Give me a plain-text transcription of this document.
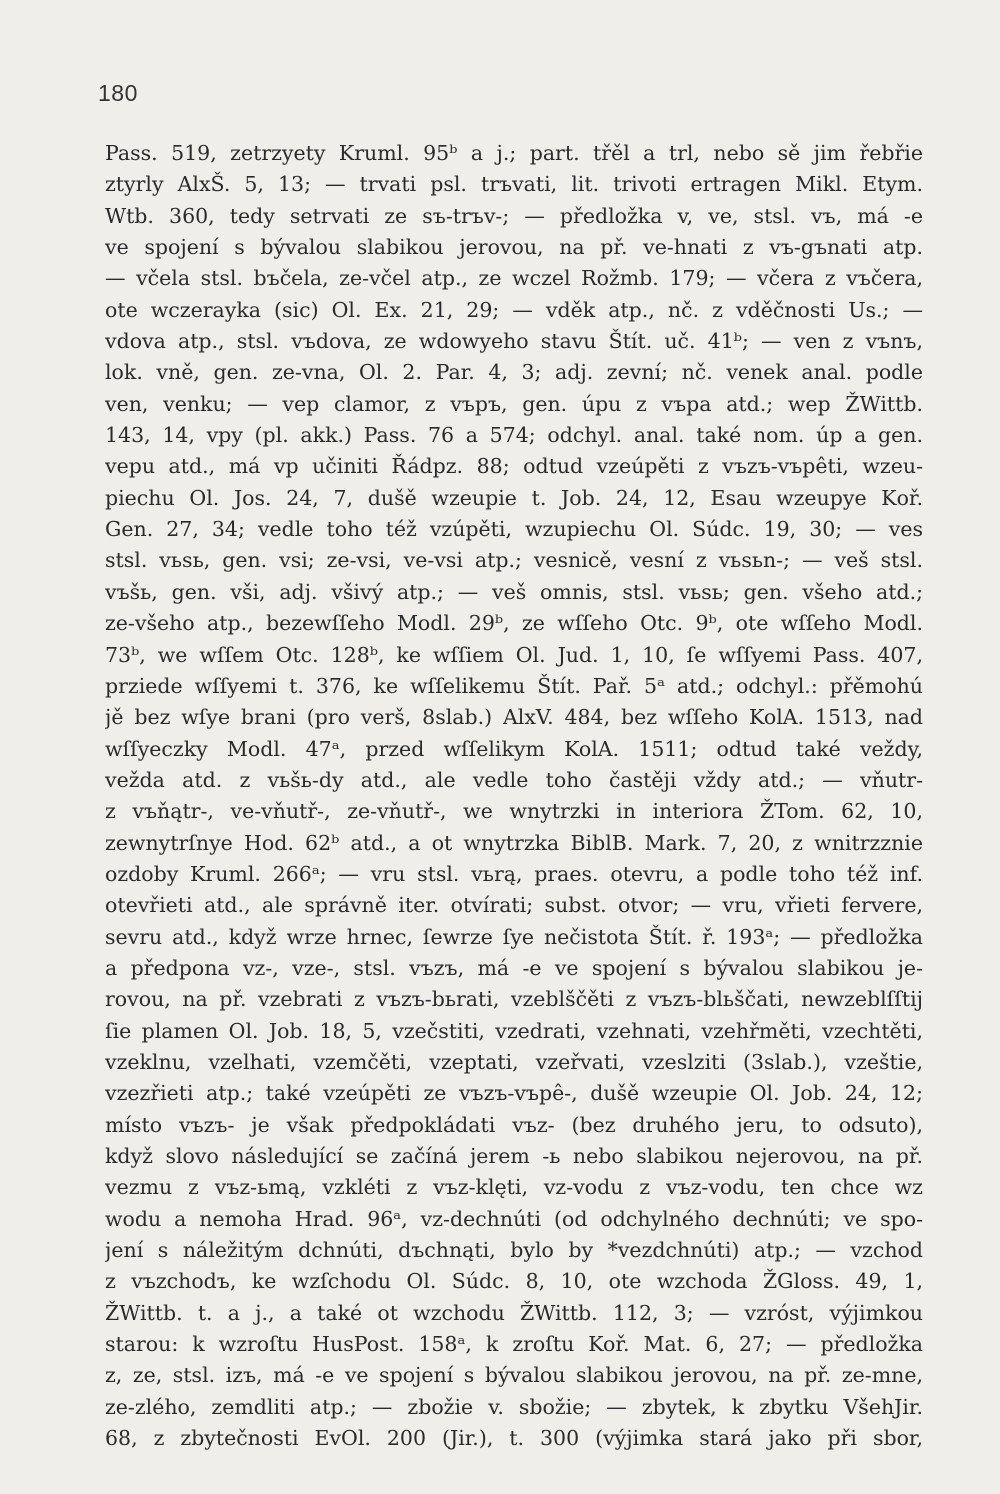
180
Pass. 519, zetrzyety Kruml. 95ᵇ a j.; part. třěl a trl, nebo sě jim řebřie
ztyrly AlxŠ. 5, 13; — trvati psl. trъvati, lit. trivoti ertragen Mikl. Etym.
Wtb. 360, tedy setrvati ze sъ-trъv-; — předložka v, ve, stsl. vъ, má -e
ve spojení s bývalou slabikou jerovou, na př. ve-hnati z vъ-gъnati atp.
— včela stsl. bъčela, ze-včel atp., ze wczel Rožmb. 179; — včera z vъčera,
ote wczerayka (sic) Ol. Ex. 21, 29; — vděk atp., nč. z vděčnosti Us.; —
vdova atp., stsl. vъdova, ze wdowyeho stavu Štít. uč. 41ᵇ; — ven z vъnъ,
lok. vně, gen. ze-vna, Ol. 2. Par. 4, 3; adj. zevní; nč. venek anal. podle
ven, venku; — vep clamor, z vъpъ, gen. úpu z vъpa atd.; wep ŽWittb.
143, 14, vpy (pl. akk.) Pass. 76 a 574; odchyl. anal. také nom. úp a gen.
vepu atd., má vp učiniti Řádpz. 88; odtud vzeúpěti z vъzъ-vъpêti, wzeu-
piechu Ol. Jos. 24, 7, dušě wzeupie t. Job. 24, 12, Esau wzeupye Kоř.
Gen. 27, 34; vedle toho též vzúpěti, wzupiechu Ol. Súdc. 19, 30; — ves
stsl. vьsь, gen. vsi; ze-vsi, ve-vsi atp.; vesnicě, vesní z vьsьn-; — veš stsl.
vъšь, gen. vši, adj. všivý atp.; — veš omnis, stsl. vьsь; gen. všeho atd.;
ze-všeho atp., bezewſſeho Modl. 29ᵇ, ze wſſeho Otc. 9ᵇ, ote wſſeho Modl.
73ᵇ, we wſſem Otc. 128ᵇ, ke wſſiem Ol. Jud. 1, 10, ſe wſſyemi Pass. 407,
prziede wſſyemi t. 376, ke wſſelikemu Štít. Pař. 5ᵃ atd.; odchyl.: přěmohú
jě bez wſye brani (pro verš, 8slab.) AlxV. 484, bez wſſeho KolA. 1513, nad
wſſyeczky Modl. 47ᵃ, przed wſſelikym KolA. 1511; odtud také veždy,
vežda atd. z vьšь-dy atd., ale vedle toho častěji vždy atd.; — vňutr-
z vъňątr-, ve-vňutř-, ze-vňutř-, we wnytrzki in interiora ŽTom. 62, 10,
zewnytrſnye Hod. 62ᵇ atd., a ot wnytrzka BiblB. Mark. 7, 20, z wnitrzznie
ozdoby Kruml. 266ᵃ; — vru stsl. vьrą, praes. otevru, a podle toho též inf.
otevřieti atd., ale správně iter. otvírati; subst. otvor; — vru, vřieti fervere,
sevru atd., když wrze hrnec, ſewrze ſye nečistota Štít. ř. 193ᵃ; — předložka
a předpona vz-, vze-, stsl. vъzъ, má -e ve spojení s bývalou slabikou je-
rovou, na př. vzebrati z vъzъ-bьrati, vzeblščěti z vъzъ-blьščati, newzeblſſtij
ſie plamen Ol. Job. 18, 5, vzečstiti, vzedrati, vzehnati, vzehřměti, vzechtěti,
vzeklnu, vzelhati, vzemčěti, vzeptati, vzeřvati, vzeslziti (3slab.), vzeštie,
vzezřieti atp.; také vzeúpěti ze vъzъ-vъpê-, dušě wzeupie Ol. Job. 24, 12;
místo vъzъ- je však předpokládati vъz- (bez druhého jeru, to odsuto),
když slovo následující se začíná jerem -ь nebo slabikou nejerovou, na př.
vezmu z vъz-ьmą, vzkléti z vъz-klęti, vz-vodu z vъz-vodu, ten chce wz
wodu a nemoha Hrad. 96ᵃ, vz-dechnúti (od odchylného dechnúti; ve spo-
jení s náležitým dchnúti, dъchnąti, bylo by *vezdchnúti) atp.; — vzchod
z vъzchodъ, ke wzſchodu Ol. Súdc. 8, 10, ote wzchoda ŽGloss. 49, 1,
ŽWittb. t. a j., a také ot wzchodu ŽWittb. 112, 3; — vzróst, výjimkou
starou: k wzroſtu HusPost. 158ᵃ, k zroſtu Koř. Mat. 6, 27; — předložka
z, ze, stsl. izъ, má -e ve spojení s bývalou slabikou jerovou, na př. ze-mne,
ze-zlého, zemdliti atp.; — zbožie v. sbožie; — zbytek, k zbytku VšehJir.
68, z zbytečnosti EvOl. 200 (Jir.), t. 300 (výjimka stará jako při sbor,
